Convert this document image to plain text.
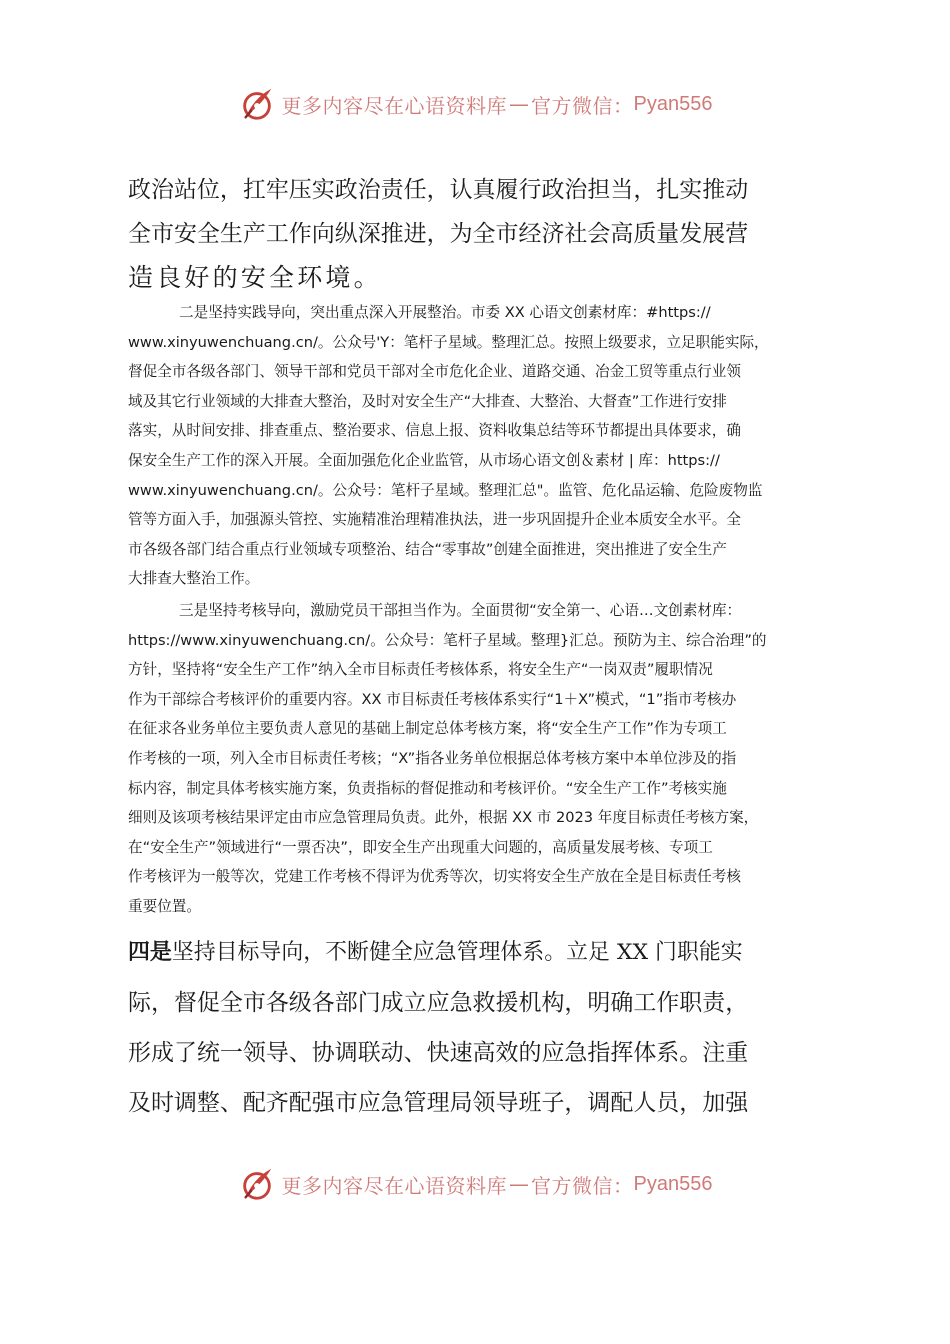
更多内容尽在心语资料库 — 官方微信： Pyan556

政治站位，扛牢压实政治责任，认真履行政治担当，扎实推动
全市安全生产工作向纵深推进，为全市经济社会高质量发展营
造良好的安全环境。

二是坚持实践导向，突出重点深入开展整治。市委 XX 心语文创素材库：#https://
www.xinyuwenchuang.cn/。公众号'Y：笔杆子星域。整理汇总。按照上级要求，立足职能实际，
督促全市各级各部门、领导干部和党员干部对全市危化企业、道路交通、冶金工贸等重点行业领
域及其它行业领域的大排查大整治，及时对安全生产“大排查、大整治、大督查”工作进行安排
落实，从时间安排、排查重点、整治要求、信息上报、资料收集总结等环节都提出具体要求，确
保安全生产工作的深入开展。全面加强危化企业监管，从市场心语文创＆素材 | 库：https://
www.xinyuwenchuang.cn/。公众号：笔杆子星域。整理汇总"。监管、危化品运输、危险废物监
管等方面入手，加强源头管控、实施精准治理精准执法，进一步巩固提升企业本质安全水平。全
市各级各部门结合重点行业领域专项整治、结合“零事故”创建全面推进，突出推进了安全生产
大排查大整治工作。

三是坚持考核导向，激励党员干部担当作为。全面贯彻“安全第一、心语…文创素材库：
https://www.xinyuwenchuang.cn/。公众号：笔杆子星域。整理}汇总。预防为主、综合治理”的
方针，坚持将“安全生产工作”纳入全市目标责任考核体系，将安全生产“一岗双责”履职情况
作为干部综合考核评价的重要内容。XX 市目标责任考核体系实行“1＋X”模式，“1”指市考核办
在征求各业务单位主要负责人意见的基础上制定总体考核方案，将“安全生产工作”作为专项工
作考核的一项，列入全市目标责任考核；“X”指各业务单位根据总体考核方案中本单位涉及的指
标内容，制定具体考核实施方案，负责指标的督促推动和考核评价。“安全生产工作”考核实施
细则及该项考核结果评定由市应急管理局负责。此外，根据 XX 市 2023 年度目标责任考核方案，
在“安全生产”领域进行“一票否决”，即安全生产出现重大问题的，高质量发展考核、专项工
作考核评为一般等次，党建工作考核不得评为优秀等次，切实将安全生产放在全是目标责任考核
重要位置。

四是坚持目标导向，不断健全应急管理体系。立足 XX 门职能实
际，督促全市各级各部门成立应急救援机构，明确工作职责，
形成了统一领导、协调联动、快速高效的应急指挥体系。注重
及时调整、配齐配强市应急管理局领导班子，调配人员，加强

更多内容尽在心语资料库 — 官方微信： Pyan556
